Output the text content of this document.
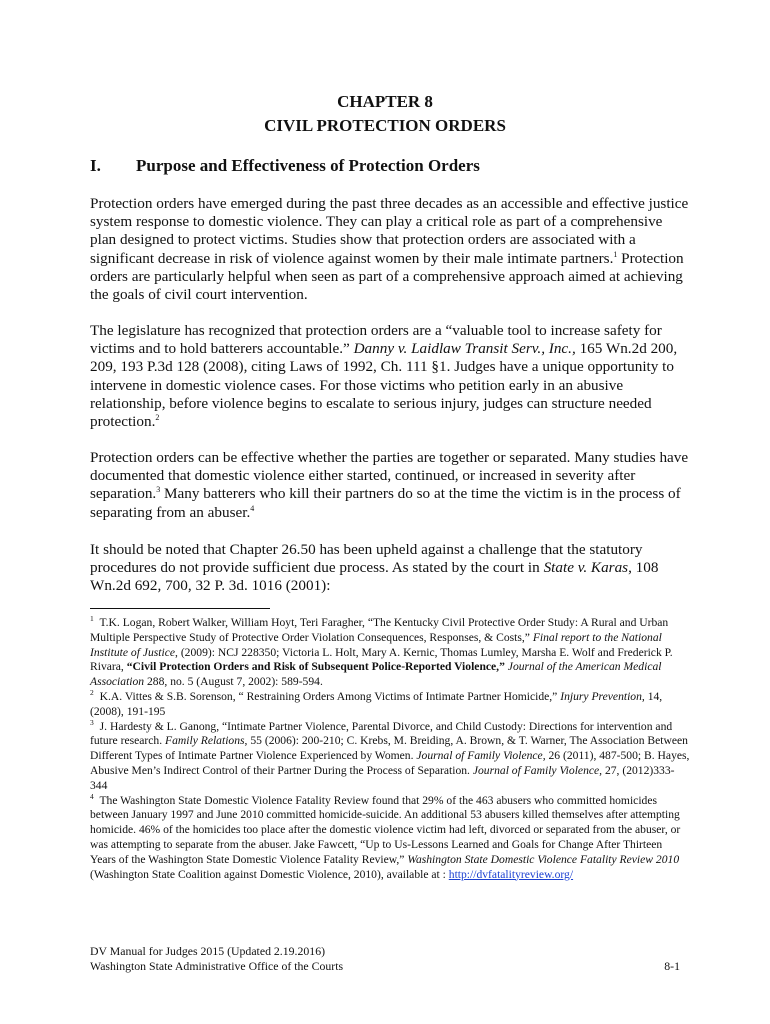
CHAPTER 8
CIVIL PROTECTION ORDERS
I. Purpose and Effectiveness of Protection Orders
Protection orders have emerged during the past three decades as an accessible and effective justice system response to domestic violence. They can play a critical role as part of a comprehensive plan designed to protect victims. Studies show that protection orders are associated with a significant decrease in risk of violence against women by their male intimate partners.$^1$ Protection orders are particularly helpful when seen as part of a comprehensive approach aimed at achieving the goals of civil court intervention.
The legislature has recognized that protection orders are a “valuable tool to increase safety for victims and to hold batterers accountable.” Danny v. Laidlaw Transit Serv., Inc., 165 Wn.2d 200, 209, 193 P.3d 128 (2008), citing Laws of 1992, Ch. 111 §1. Judges have a unique opportunity to intervene in domestic violence cases. For those victims who petition early in an abusive relationship, before violence begins to escalate to serious injury, judges can structure needed protection.$^2$
Protection orders can be effective whether the parties are together or separated. Many studies have documented that domestic violence either started, continued, or increased in severity after separation.$^3$ Many batterers who kill their partners do so at the time the victim is in the process of separating from an abuser.$^4$
It should be noted that Chapter 26.50 has been upheld against a challenge that the statutory procedures do not provide sufficient due process. As stated by the court in State v. Karas, 108 Wn.2d 692, 700, 32 P. 3d. 1016 (2001):

$^1$ T.K. Logan, Robert Walker, William Hoyt, Teri Faragher, “The Kentucky Civil Protective Order Study: A Rural and Urban Multiple Perspective Study of Protective Order Violation Consequences, Responses, & Costs,” Final report to the National Institute of Justice, (2009): NCJ 228350; Victoria L. Holt, Mary A. Kernic, Thomas Lumley, Marsha E. Wolf and Frederick P. Rivara, “Civil Protection Orders and Risk of Subsequent Police-Reported Violence,” Journal of the American Medical Association 288, no. 5 (August 7, 2002): 589-594.

$^2$ K.A. Vittes & S.B. Sorenson, “ Restraining Orders Among Victims of Intimate Partner Homicide,” Injury Prevention, 14, (2008), 191-195

$^3$ J. Hardesty & L. Ganong, “Intimate Partner Violence, Parental Divorce, and Child Custody: Directions for intervention and future research. Family Relations, 55 (2006): 200-210; C. Krebs, M. Breiding, A. Brown, & T. Warner, The Association Between Different Types of Intimate Partner Violence Experienced by Women. Journal of Family Violence, 26 (2011), 487-500; B. Hayes, Abusive Men’s Indirect Control of their Partner During the Process of Separation. Journal of Family Violence, 27, (2012)333-344

$^4$ The Washington State Domestic Violence Fatality Review found that 29% of the 463 abusers who committed homicides between January 1997 and June 2010 committed homicide-suicide. An additional 53 abusers killed themselves after attempting homicide. 46% of the homicides too place after the domestic violence victim had left, divorced or separated from the abuser, or was attempting to separate from the abuser. Jake Fawcett, “Up to Us-Lessons Learned and Goals for Change After Thirteen Years of the Washington State Domestic Violence Fatality Review,” Washington State Domestic Violence Fatality Review 2010 (Washington State Coalition against Domestic Violence, 2010), available at : http://dvfatalityreview.org/

DV Manual for Judges 2015 (Updated 2.19.2016)
Washington State Administrative Office of the Courts	8-1
